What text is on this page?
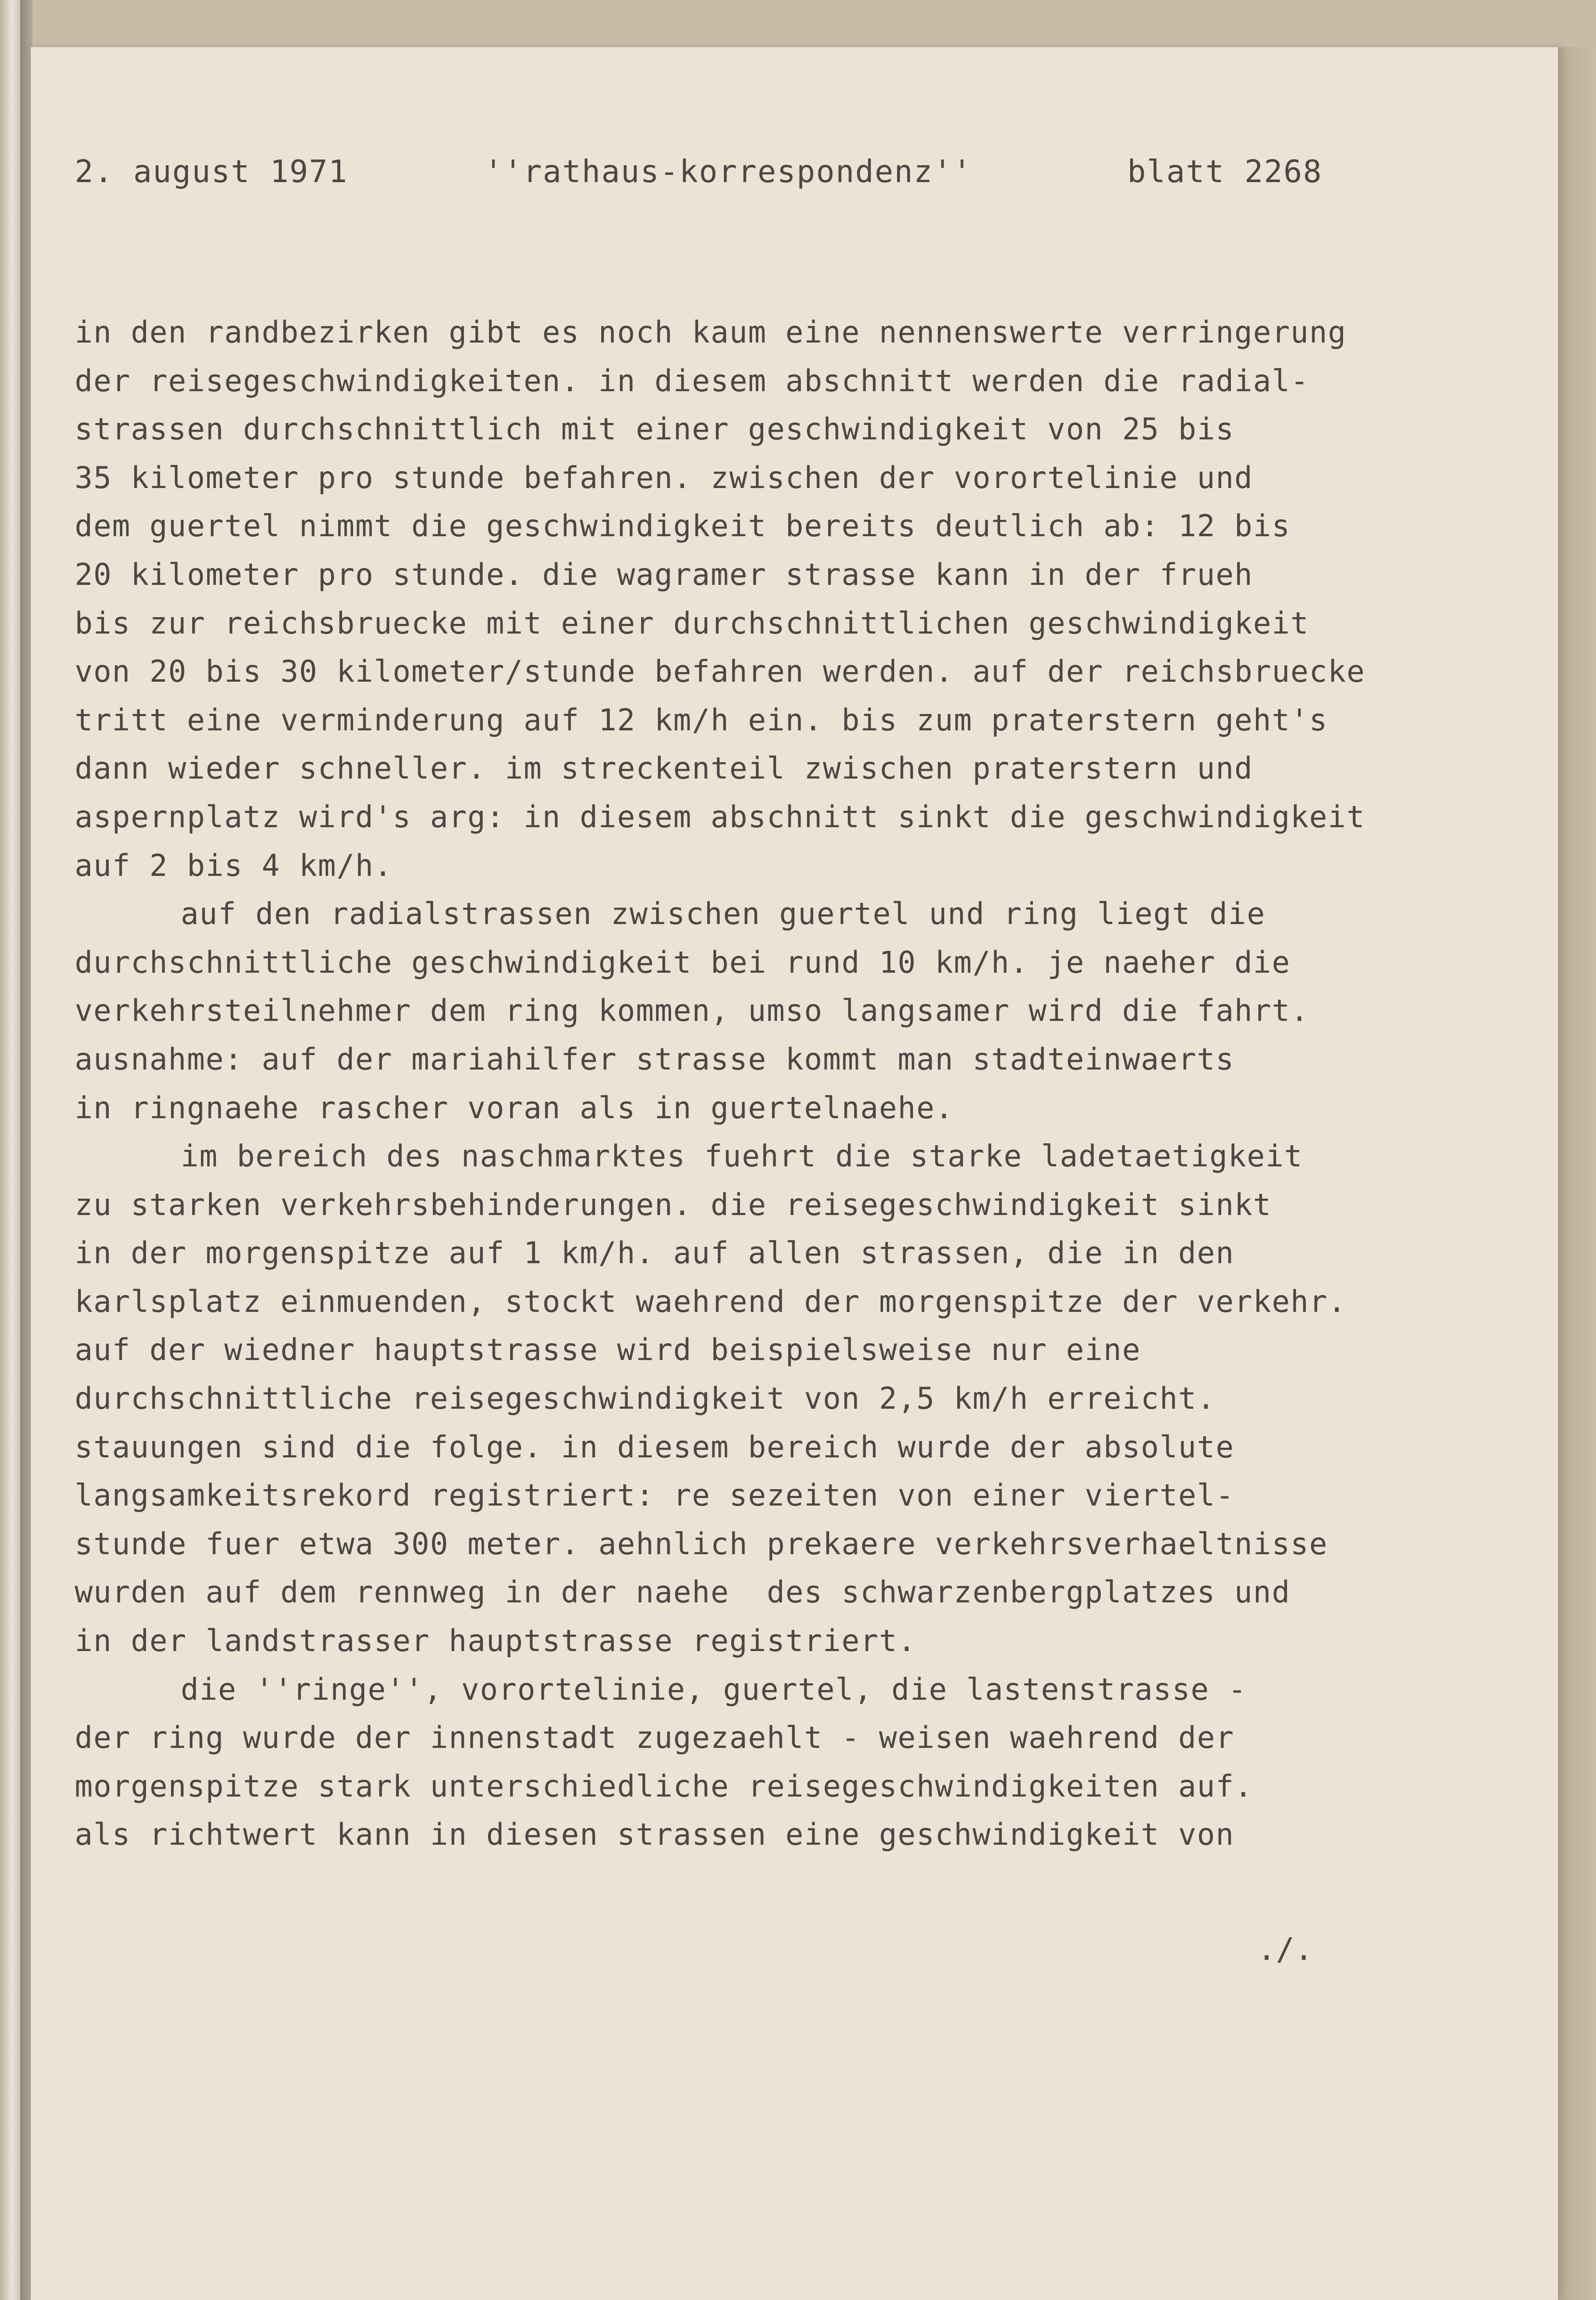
2. august 1971	''rathaus-korrespondenz''	blatt 2268
in den randbezirken gibt es noch kaum eine nennenswerte verringerung
der reisegeschwindigkeiten. in diesem abschnitt werden die radial-
strassen durchschnittlich mit einer geschwindigkeit von 25 bis
35 kilometer pro stunde befahren. zwischen der vorortelinie und
dem guertel nimmt die geschwindigkeit bereits deutlich ab: 12 bis
20 kilometer pro stunde. die wagramer strasse kann in der frueh
bis zur reichsbruecke mit einer durchschnittlichen geschwindigkeit
von 20 bis 30 kilometer/stunde befahren werden. auf der reichsbruecke
tritt eine verminderung auf 12 km/h ein. bis zum praterstern geht's
dann wieder schneller. im streckenteil zwischen praterstern und
aspernplatz wird's arg: in diesem abschnitt sinkt die geschwindigkeit
auf 2 bis 4 km/h.
auf den radialstrassen zwischen guertel und ring liegt die
durchschnittliche geschwindigkeit bei rund 10 km/h. je naeher die
verkehrsteilnehmer dem ring kommen, umso langsamer wird die fahrt.
ausnahme: auf der mariahilfer strasse kommt man stadteinwaerts
in ringnaehe rascher voran als in guertelnaehe.
im bereich des naschmarktes fuehrt die starke ladetaetigkeit
zu starken verkehrsbehinderungen. die reisegeschwindigkeit sinkt
in der morgenspitze auf 1 km/h. auf allen strassen, die in den
karlsplatz einmuenden, stockt waehrend der morgenspitze der verkehr.
auf der wiedner hauptstrasse wird beispielsweise nur eine
durchschnittliche reisegeschwindigkeit von 2,5 km/h erreicht.
stauungen sind die folge. in diesem bereich wurde der absolute
langsamkeitsrekord registriert: re sezeiten von einer viertel-
stunde fuer etwa 300 meter. aehnlich prekaere verkehrsverhaeltnisse
wurden auf dem rennweg in der naehe  des schwarzenbergplatzes und
in der landstrasser hauptstrasse registriert.
die ''ringe'', vorortelinie, guertel, die lastenstrasse -
der ring wurde der innenstadt zugezaehlt - weisen waehrend der
morgenspitze stark unterschiedliche reisegeschwindigkeiten auf.
als richtwert kann in diesen strassen eine geschwindigkeit von
./.
